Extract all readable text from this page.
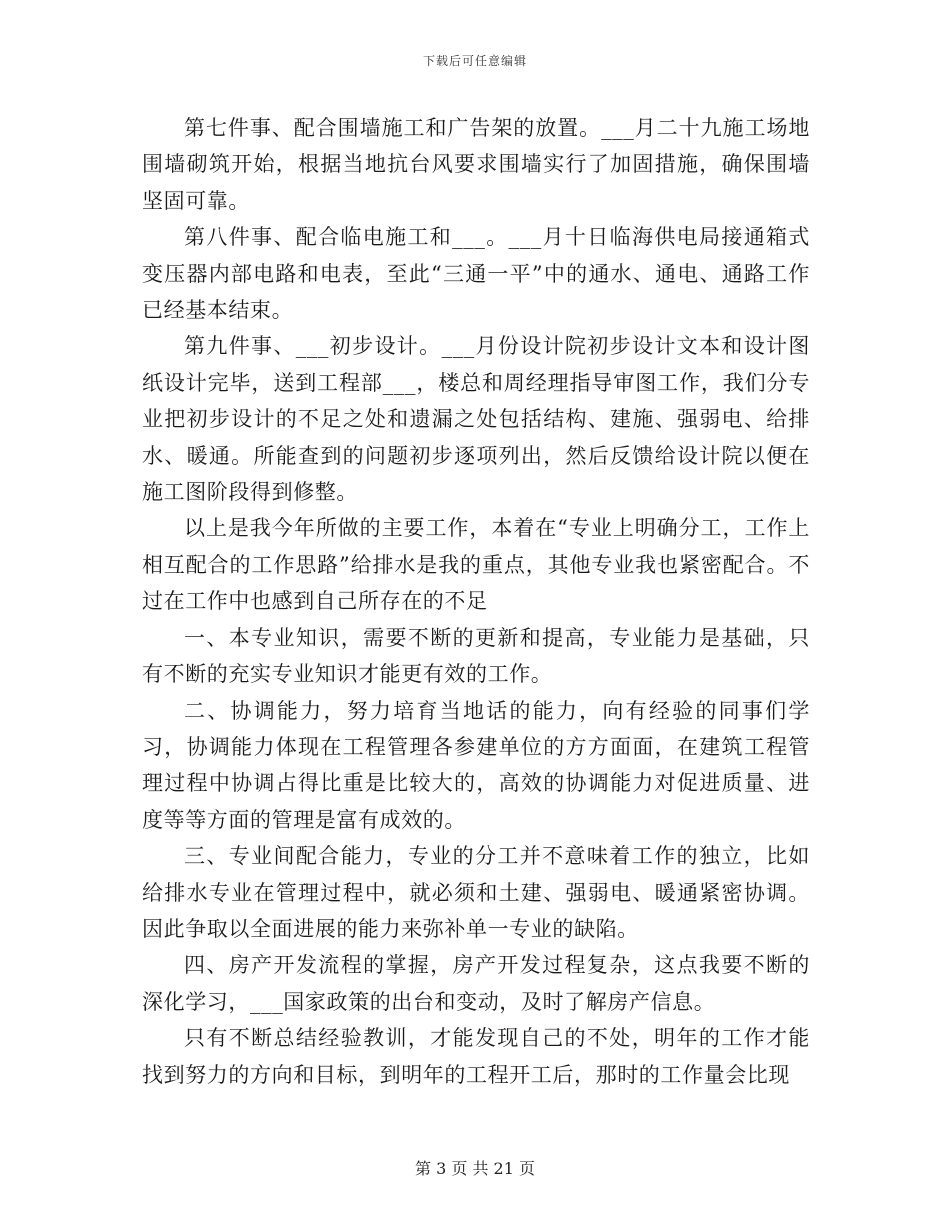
下载后可任意编辑

第七件事、配合围墙施工和广告架的放置。___月二十九施工场地围墙砌筑开始，根据当地抗台风要求围墙实行了加固措施，确保围墙坚固可靠。

第八件事、配合临电施工和___。___月十日临海供电局接通箱式变压器内部电路和电表，至此“三通一平”中的通水、通电、通路工作已经基本结束。

第九件事、___初步设计。___月份设计院初步设计文本和设计图纸设计完毕，送到工程部___，楼总和周经理指导审图工作，我们分专业把初步设计的不足之处和遗漏之处包括结构、建施、强弱电、给排水、暖通。所能查到的问题初步逐项列出，然后反馈给设计院以便在施工图阶段得到修整。

以上是我今年所做的主要工作，本着在“专业上明确分工，工作上相互配合的工作思路”给排水是我的重点，其他专业我也紧密配合。不过在工作中也感到自己所存在的不足

一、本专业知识，需要不断的更新和提高，专业能力是基础，只有不断的充实专业知识才能更有效的工作。

二、协调能力，努力培育当地话的能力，向有经验的同事们学习，协调能力体现在工程管理各参建单位的方方面面，在建筑工程管理过程中协调占得比重是比较大的，高效的协调能力对促进质量、进度等等方面的管理是富有成效的。

三、专业间配合能力，专业的分工并不意味着工作的独立，比如给排水专业在管理过程中，就必须和土建、强弱电、暖通紧密协调。因此争取以全面进展的能力来弥补单一专业的缺陷。

四、房产开发流程的掌握，房产开发过程复杂，这点我要不断的深化学习，___国家政策的出台和变动，及时了解房产信息。

只有不断总结经验教训，才能发现自己的不处，明年的工作才能找到努力的方向和目标，到明年的工程开工后，那时的工作量会比现

第 3 页 共 21 页
